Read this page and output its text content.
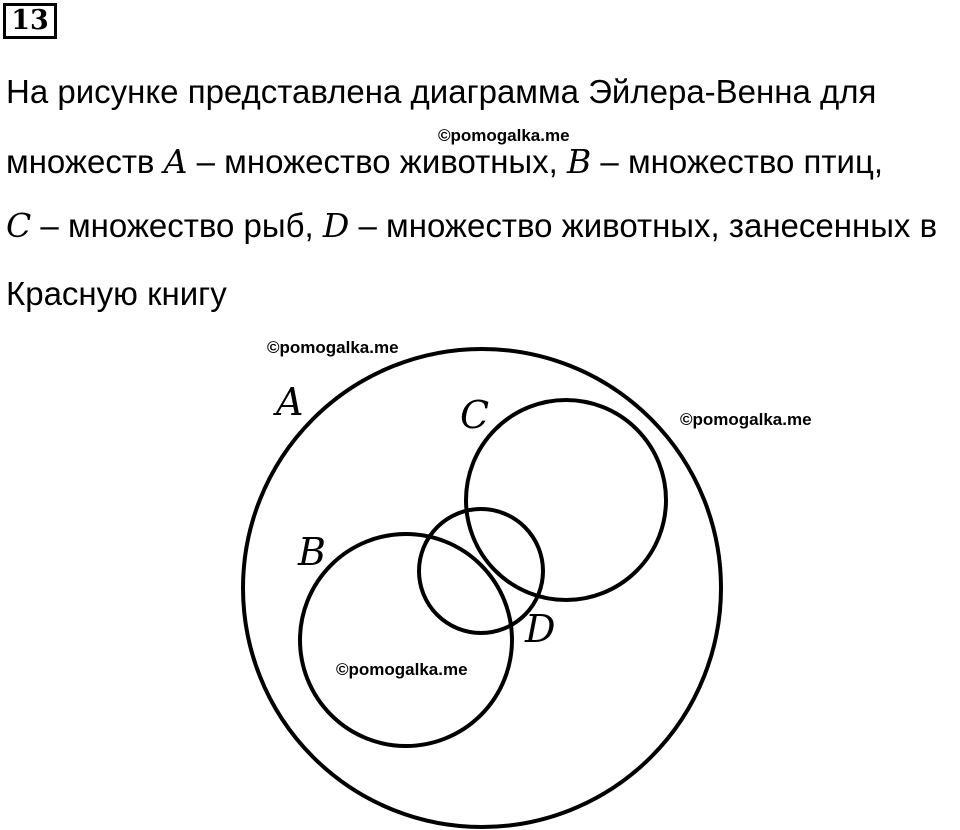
13
На рисунке представлена диаграмма Эйлера-Венна для
множеств A – множество животных, B – множество птиц,
C – множество рыб, D – множество животных, занесенных в
Красную книгу
©pomogalka.me
©pomogalka.me
©pomogalka.me
©pomogalka.me
A	C
B
D
